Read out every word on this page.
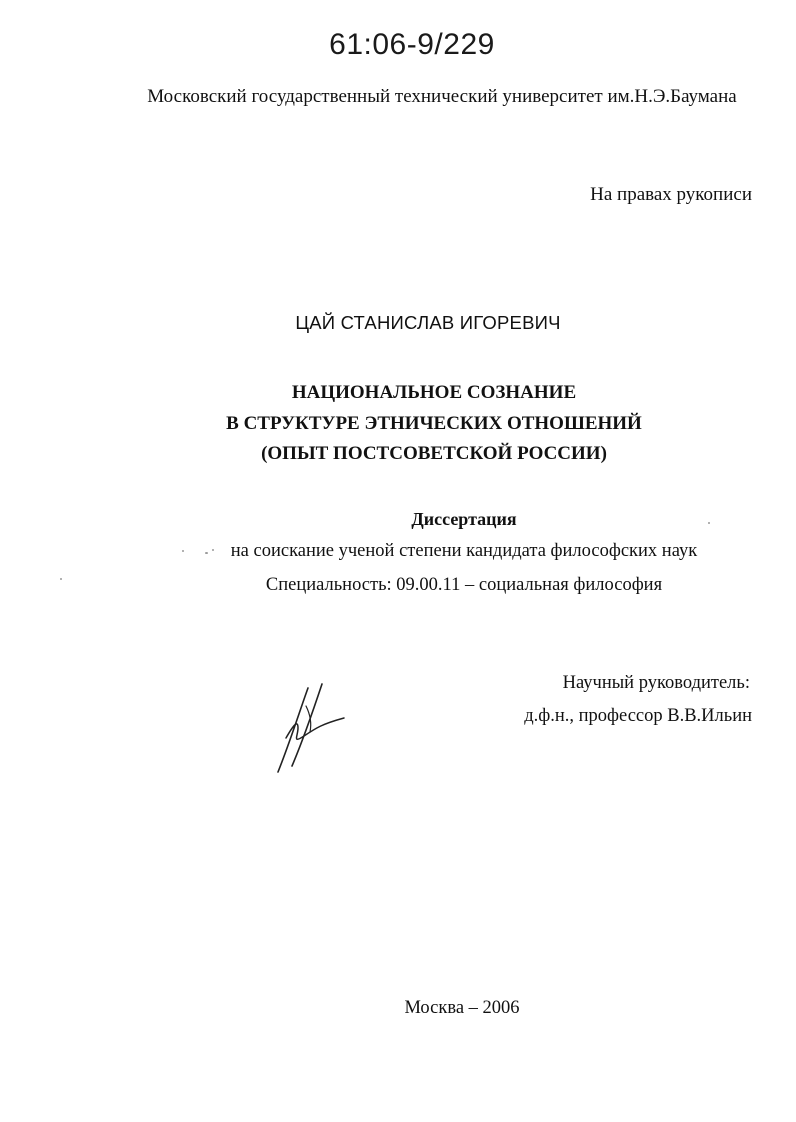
61:06-9/229
Московский государственный технический университет им.Н.Э.Баумана
На правах рукописи
ЦАЙ СТАНИСЛАВ ИГОРЕВИЧ
НАЦИОНАЛЬНОЕ СОЗНАНИЕ
В СТРУКТУРЕ ЭТНИЧЕСКИХ ОТНОШЕНИЙ
(ОПЫТ ПОСТСОВЕТСКОЙ РОССИИ)
Диссертация
на соискание ученой степени кандидата философских наук
Специальность: 09.00.11 – социальная философия
Научный руководитель:
д.ф.н., профессор В.В.Ильин
Москва – 2006
